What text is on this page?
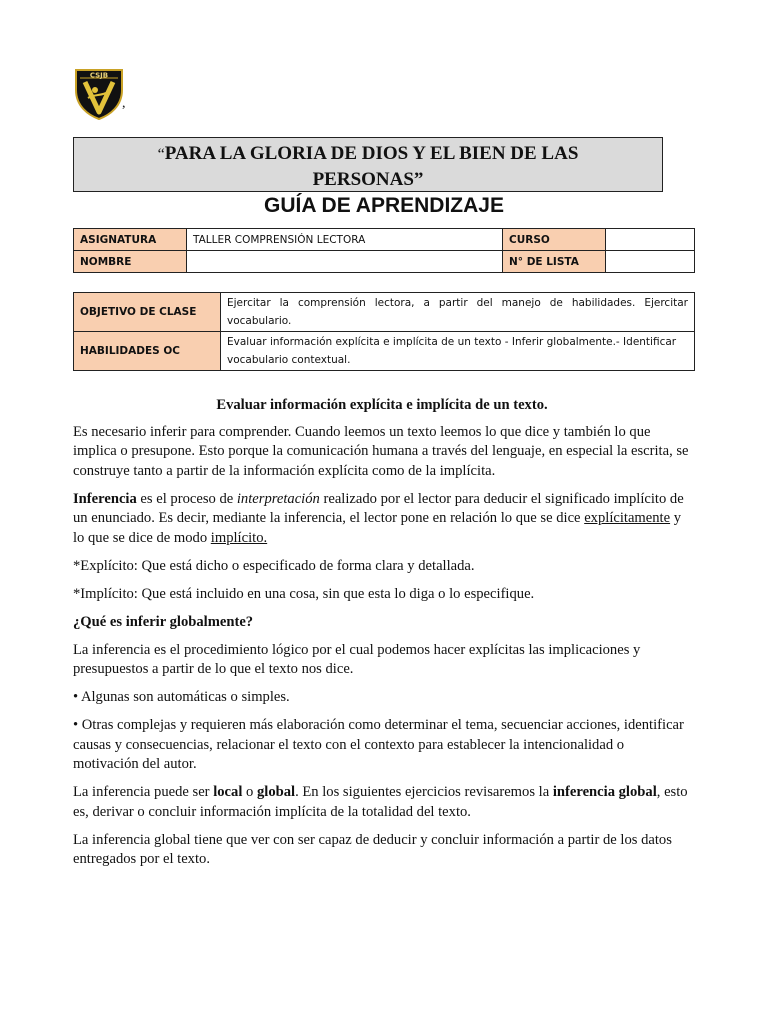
CSJB
,
“PARA LA GLORIA DE DIOS Y EL BIEN DE LAS
PERSONAS”
GUÍA DE APRENDIZAJE
ASIGNATURA	TALLER COMPRENSIÓN LECTORA	CURSO	
NOMBRE		N° DE LISTA	
OBJETIVO DE CLASE	Ejercitar la comprensión lectora, a partir del manejo de habilidades. Ejercitar vocabulario.
HABILIDADES OC	Evaluar información explícita e implícita de un texto - Inferir globalmente.- Identificar vocabulario contextual.

Evaluar información explícita e implícita de un texto.

Es necesario inferir para comprender. Cuando leemos un texto leemos lo que dice y también lo que implica o presupone. Esto porque la comunicación humana a través del lenguaje, en especial la escrita, se construye tanto a partir de la información explícita como de la implícita.

Inferencia es el proceso de interpretación realizado por el lector para deducir el significado implícito de un enunciado. Es decir, mediante la inferencia, el lector pone en relación lo que se dice explícitamente y lo que se dice de modo implícito.

*Explícito: Que está dicho o especificado de forma clara y detallada.

*Implícito: Que está incluido en una cosa, sin que esta lo diga o lo especifique.

¿Qué es inferir globalmente?

La inferencia es el procedimiento lógico por el cual podemos hacer explícitas las implicaciones y presupuestos a partir de lo que el texto nos dice.

• Algunas son automáticas o simples.

• Otras complejas y requieren más elaboración como determinar el tema, secuenciar acciones, identificar causas y consecuencias, relacionar el texto con el contexto para establecer la intencionalidad o motivación del autor.

La inferencia puede ser local o global. En los siguientes ejercicios revisaremos la inferencia global, esto es, derivar o concluir información implícita de la totalidad del texto.

La inferencia global tiene que ver con ser capaz de deducir y concluir información a partir de los datos entregados por el texto.
